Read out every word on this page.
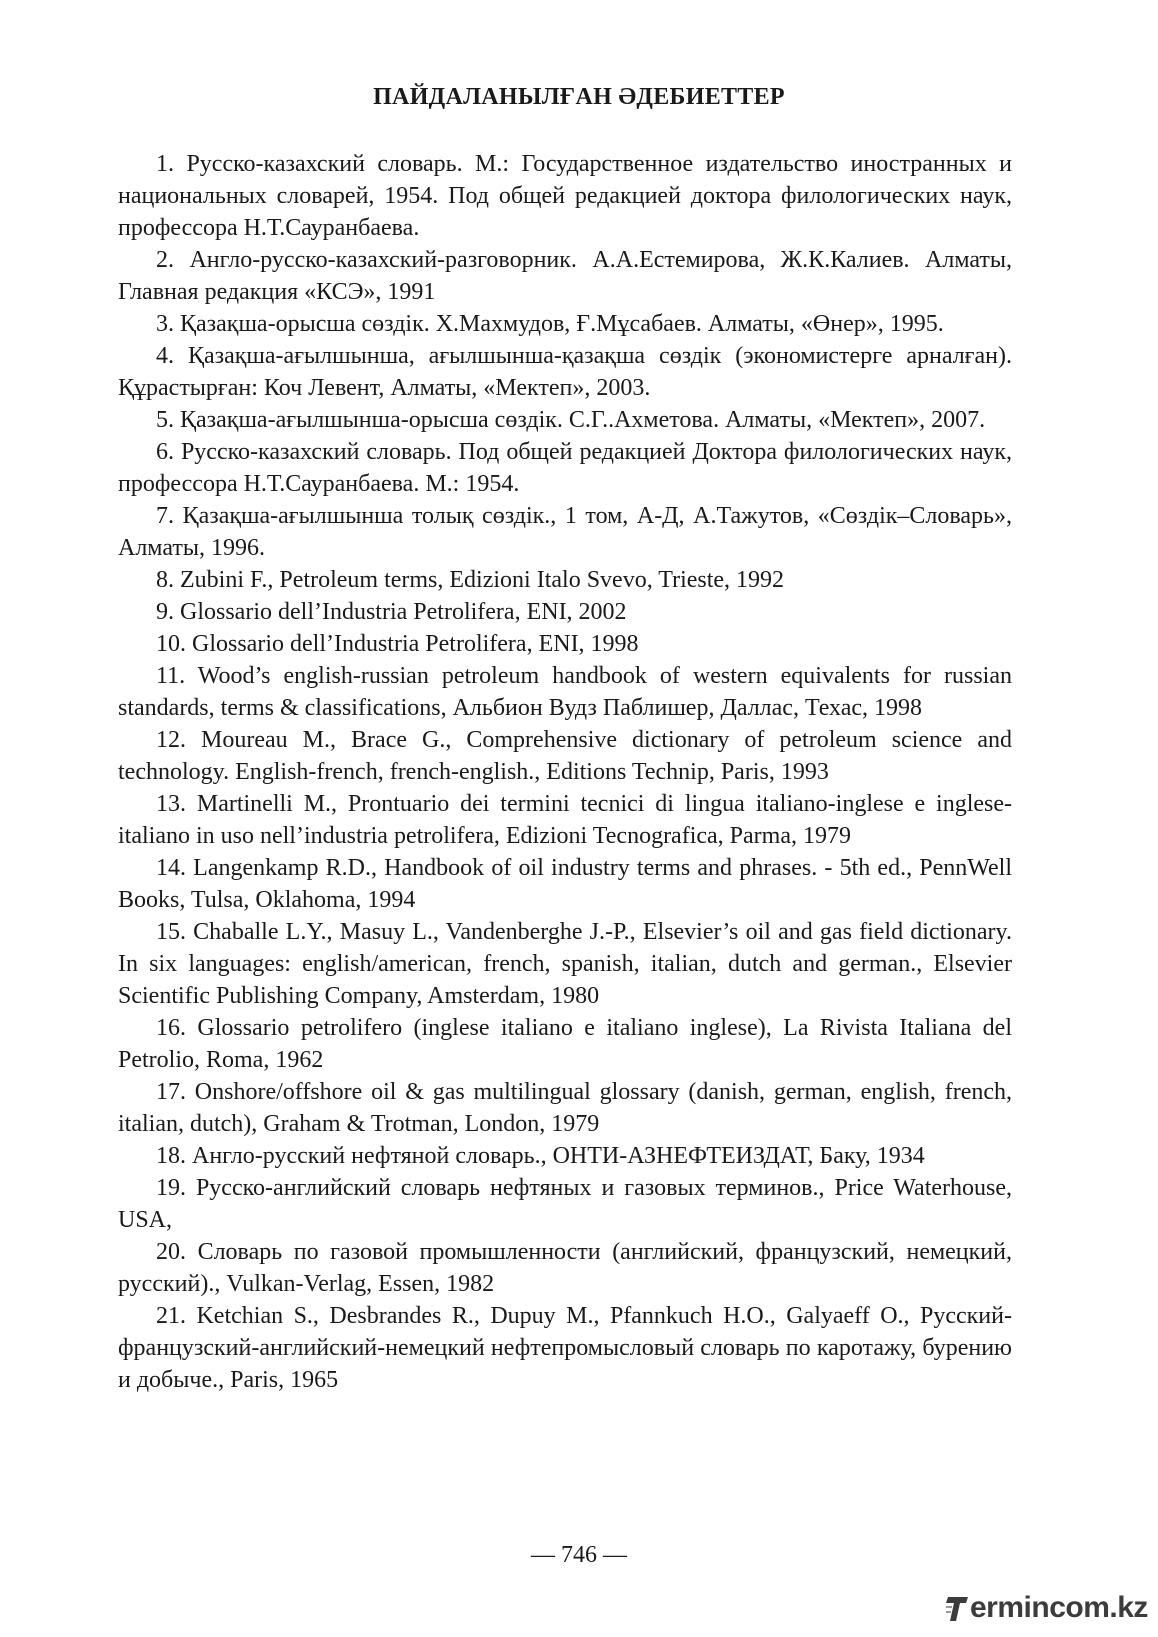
ПАЙДАЛАНЫЛҒАН ӘДЕБИЕТТЕР
1. Русско-казахский словарь. М.: Государственное издательство иностранных и национальных словарей, 1954. Под общей редакцией доктора филологических наук, профессора Н.Т.Сауранбаева.
2. Англо-русско-казахский-разговорник. А.А.Естемирова, Ж.К.Калиев. Алматы, Главная редакция «КСЭ», 1991
3. Қазақша-орысша сөздік. Х.Махмудов, Ғ.Мұсабаев. Алматы, «Өнер», 1995.
4. Қазақша-ағылшынша, ағылшынша-қазақша сөздік (экономистерге арналған). Құрастырған: Коч Левент, Алматы, «Мектеп», 2003.
5. Қазақша-ағылшынша-орысша сөздік. С.Г..Ахметова. Алматы, «Мектеп», 2007.
6. Русско-казахский словарь. Под общей редакцией Доктора филологических наук, профессора Н.Т.Сауранбаева. М.: 1954.
7. Қазақша-ағылшынша толық сөздік., 1 том, А-Д, А.Тажутов, «Сөздік–Словарь», Алматы, 1996.
8. Zubini F., Petroleum terms, Edizioni Italo Svevo, Trieste, 1992
9. Glossario dell’Industria Petrolifera, ENI, 2002
10. Glossario dell’Industria Petrolifera, ENI, 1998
11. Wood’s english-russian petroleum handbook of western equivalents for russian standards, terms & classifications, Альбион Вудз Паблишер, Даллас, Техас, 1998
12. Moureau M., Brace G., Comprehensive dictionary of petroleum science and technology. English-french, french-english., Editions Technip, Paris, 1993
13. Martinelli M., Prontuario dei termini tecnici di lingua italiano-inglese e inglese-italiano in uso nell’industria petrolifera, Edizioni Tecnografica, Parma, 1979
14. Langenkamp R.D., Handbook of oil industry terms and phrases. - 5th ed., PennWell Books, Tulsa, Oklahoma, 1994
15. Chaballe L.Y., Masuy L., Vandenberghe J.-P., Elsevier’s oil and gas field dictionary. In six languages: english/american, french, spanish, italian, dutch and german., Elsevier Scientific Publishing Company, Amsterdam, 1980
16. Glossario petrolifero (inglese italiano e italiano inglese), La Rivista Italiana del Petrolio, Roma, 1962
17. Onshore/offshore oil & gas multilingual glossary (danish, german, english, french, italian, dutch), Graham & Trotman, London, 1979
18. Англо-русский нефтяной словарь., ОНТИ-АЗНЕФТЕИЗДАТ, Баку, 1934
19. Русско-английский словарь нефтяных и газовых терминов., Price Waterhouse, USA,
20. Словарь по газовой промышленности (английский, французский, немецкий, русский)., Vulkan-Verlag, Essen, 1982
21. Ketchian S., Desbrandes R., Dupuy M., Pfannkuch H.O., Galyaeff O., Русский-французский-английский-немецкий нефтепромысловый словарь по каротажу, бурению и добыче., Paris, 1965
— 746 —
ermincom.kz
